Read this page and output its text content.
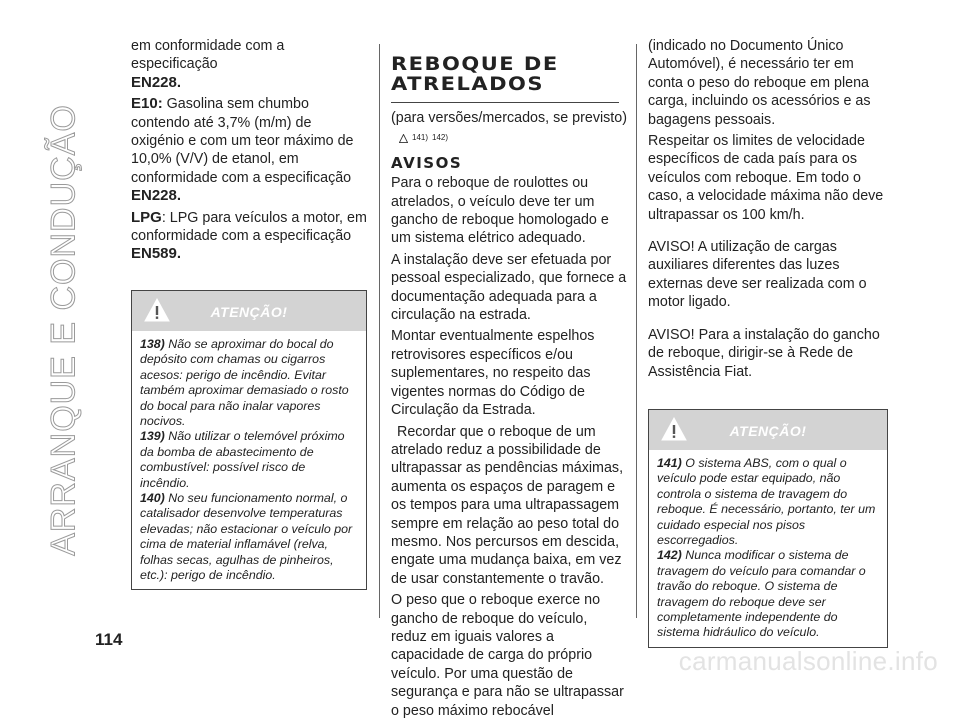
ARRANQUE E CONDUÇÃO

em conformidade com a especificação
EN228.

E10: Gasolina sem chumbo contendo até 3,7% (m/m) de oxigénio e com um teor máximo de 10,0% (V/V) de etanol, em conformidade com a especificação
EN228.

LPG: LPG para veículos a motor, em conformidade com a especificação
EN589.

ATENÇÃO!
138) Não se aproximar do bocal do depósito com chamas ou cigarros acesos: perigo de incêndio. Evitar também aproximar demasiado o rosto do bocal para não inalar vapores nocivos.
139) Não utilizar o telemóvel próximo da bomba de abastecimento de combustível: possível risco de incêndio.
140) No seu funcionamento normal, o catalisador desenvolve temperaturas elevadas; não estacionar o veículo por cima de material inflamável (relva, folhas secas, agulhas de pinheiros, etc.): perigo de incêndio.
REBOQUE DE
ATRELADOS

(para versões/mercados, se previsto)

141) 142)
AVISOS

Para o reboque de roulottes ou atrelados, o veículo deve ter um gancho de reboque homologado e um sistema elétrico adequado.

A instalação deve ser efetuada por pessoal especializado, que fornece a documentação adequada para a circulação na estrada.

Montar eventualmente espelhos retrovisores específicos e/ou suplementares, no respeito das vigentes normas do Código de Circulação da Estrada.

Recordar que o reboque de um atrelado reduz a possibilidade de ultrapassar as pendências máximas, aumenta os espaços de paragem e os tempos para uma ultrapassagem sempre em relação ao peso total do mesmo. Nos percursos em descida, engate uma mudança baixa, em vez de usar constantemente o travão.

O peso que o reboque exerce no gancho de reboque do veículo, reduz em iguais valores a capacidade de carga do próprio veículo. Por uma questão de segurança e para não se ultrapassar o peso máximo rebocável

(indicado no Documento Único Automóvel), é necessário ter em conta o peso do reboque em plena carga, incluindo os acessórios e as bagagens pessoais.

Respeitar os limites de velocidade específicos de cada país para os veículos com reboque. Em todo o caso, a velocidade máxima não deve ultrapassar os 100 km/h.

AVISO! A utilização de cargas auxiliares diferentes das luzes externas deve ser realizada com o motor ligado.

AVISO! Para a instalação do gancho de reboque, dirigir-se à Rede de Assistência Fiat.

ATENÇÃO!
141) O sistema ABS, com o qual o veículo pode estar equipado, não controla o sistema de travagem do reboque. É necessário, portanto, ter um cuidado especial nos pisos escorregadios.
142) Nunca modificar o sistema de travagem do veículo para comandar o travão do reboque. O sistema de travagem do reboque deve ser completamente independente do sistema hidráulico do veículo.
114
carmanualsonline.info
